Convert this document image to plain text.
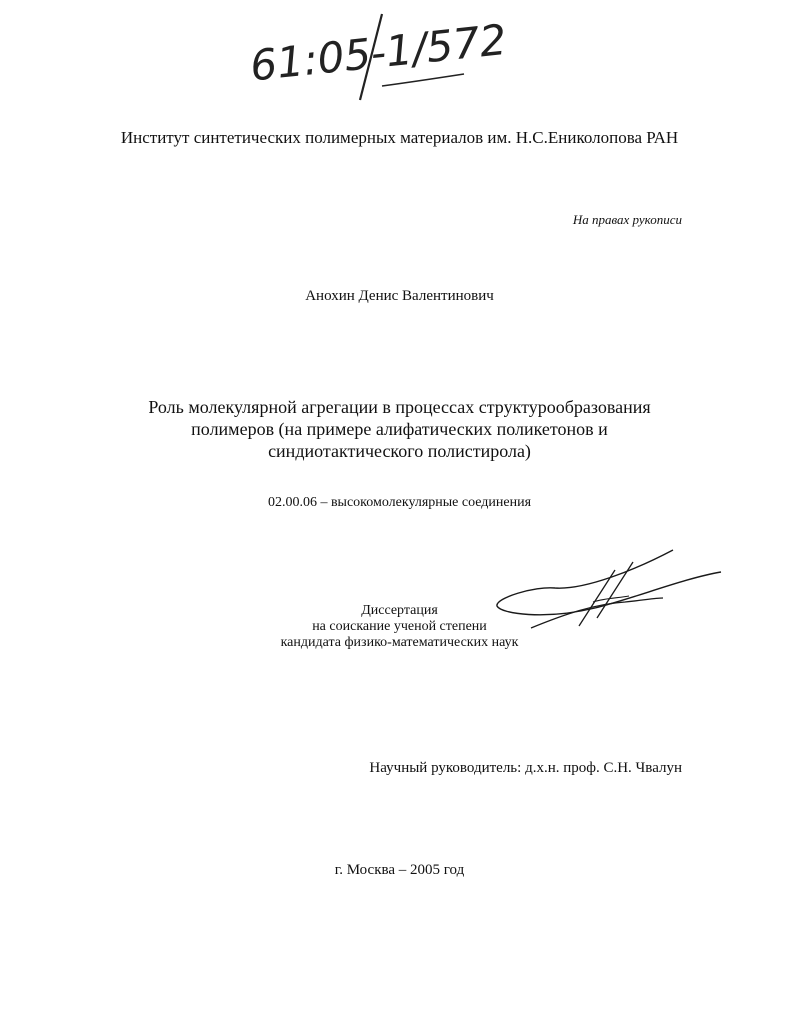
61:05-1/572
Институт синтетических полимерных материалов им. Н.С.Ениколопова РАН
На правах рукописи
Анохин Денис Валентинович
Роль молекулярной агрегации в процессах структурообразования
полимеров (на примере алифатических поликетонов и
синдиотактического полистирола)
02.00.06 – высокомолекулярные соединения
Диссертация
на соискание ученой степени
кандидата физико-математических наук
Научный руководитель: д.х.н. проф. С.Н. Чвалун
г. Москва – 2005 год
